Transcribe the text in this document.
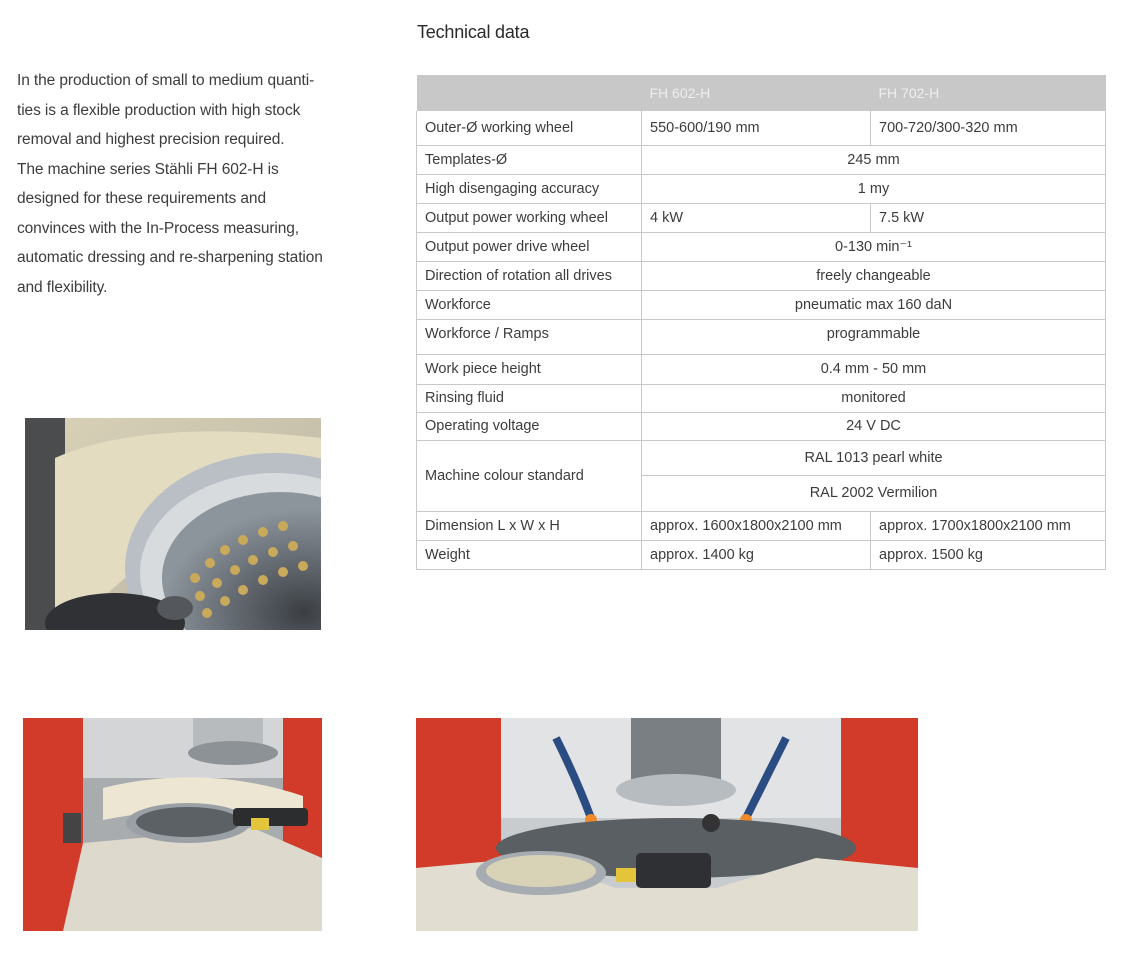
In the production of small to medium quanti-
ties is a flexible production with high stock
removal and highest precision required.
The machine series Stähli FH 602-H is
designed for these requirements and
convinces with the In-Process measuring,
automatic dressing and re-sharpening station
and flexibility.
Technical data
	FH 602-H	FH 702-H
Outer-Ø working wheel	550-600/190 mm	700-720/300-320 mm
Templates-Ø	245 mm	
High disengaging accuracy	1 my	
Output power working wheel	4 kW	7.5 kW
Output power drive wheel	0-130 min⁻¹	
Direction of rotation all drives	freely changeable	
Workforce	pneumatic max 160 daN	
Workforce / Ramps	programmable	
Work piece height	0.4 mm - 50 mm	
Rinsing fluid	monitored	
Operating voltage	24 V DC	
Machine colour standard	RAL 1013 pearl white	
	RAL 2002 Vermilion	
Dimension L x W x H	approx. 1600x1800x2100 mm	approx. 1700x1800x2100 mm
Weight	approx. 1400 kg	approx. 1500 kg
